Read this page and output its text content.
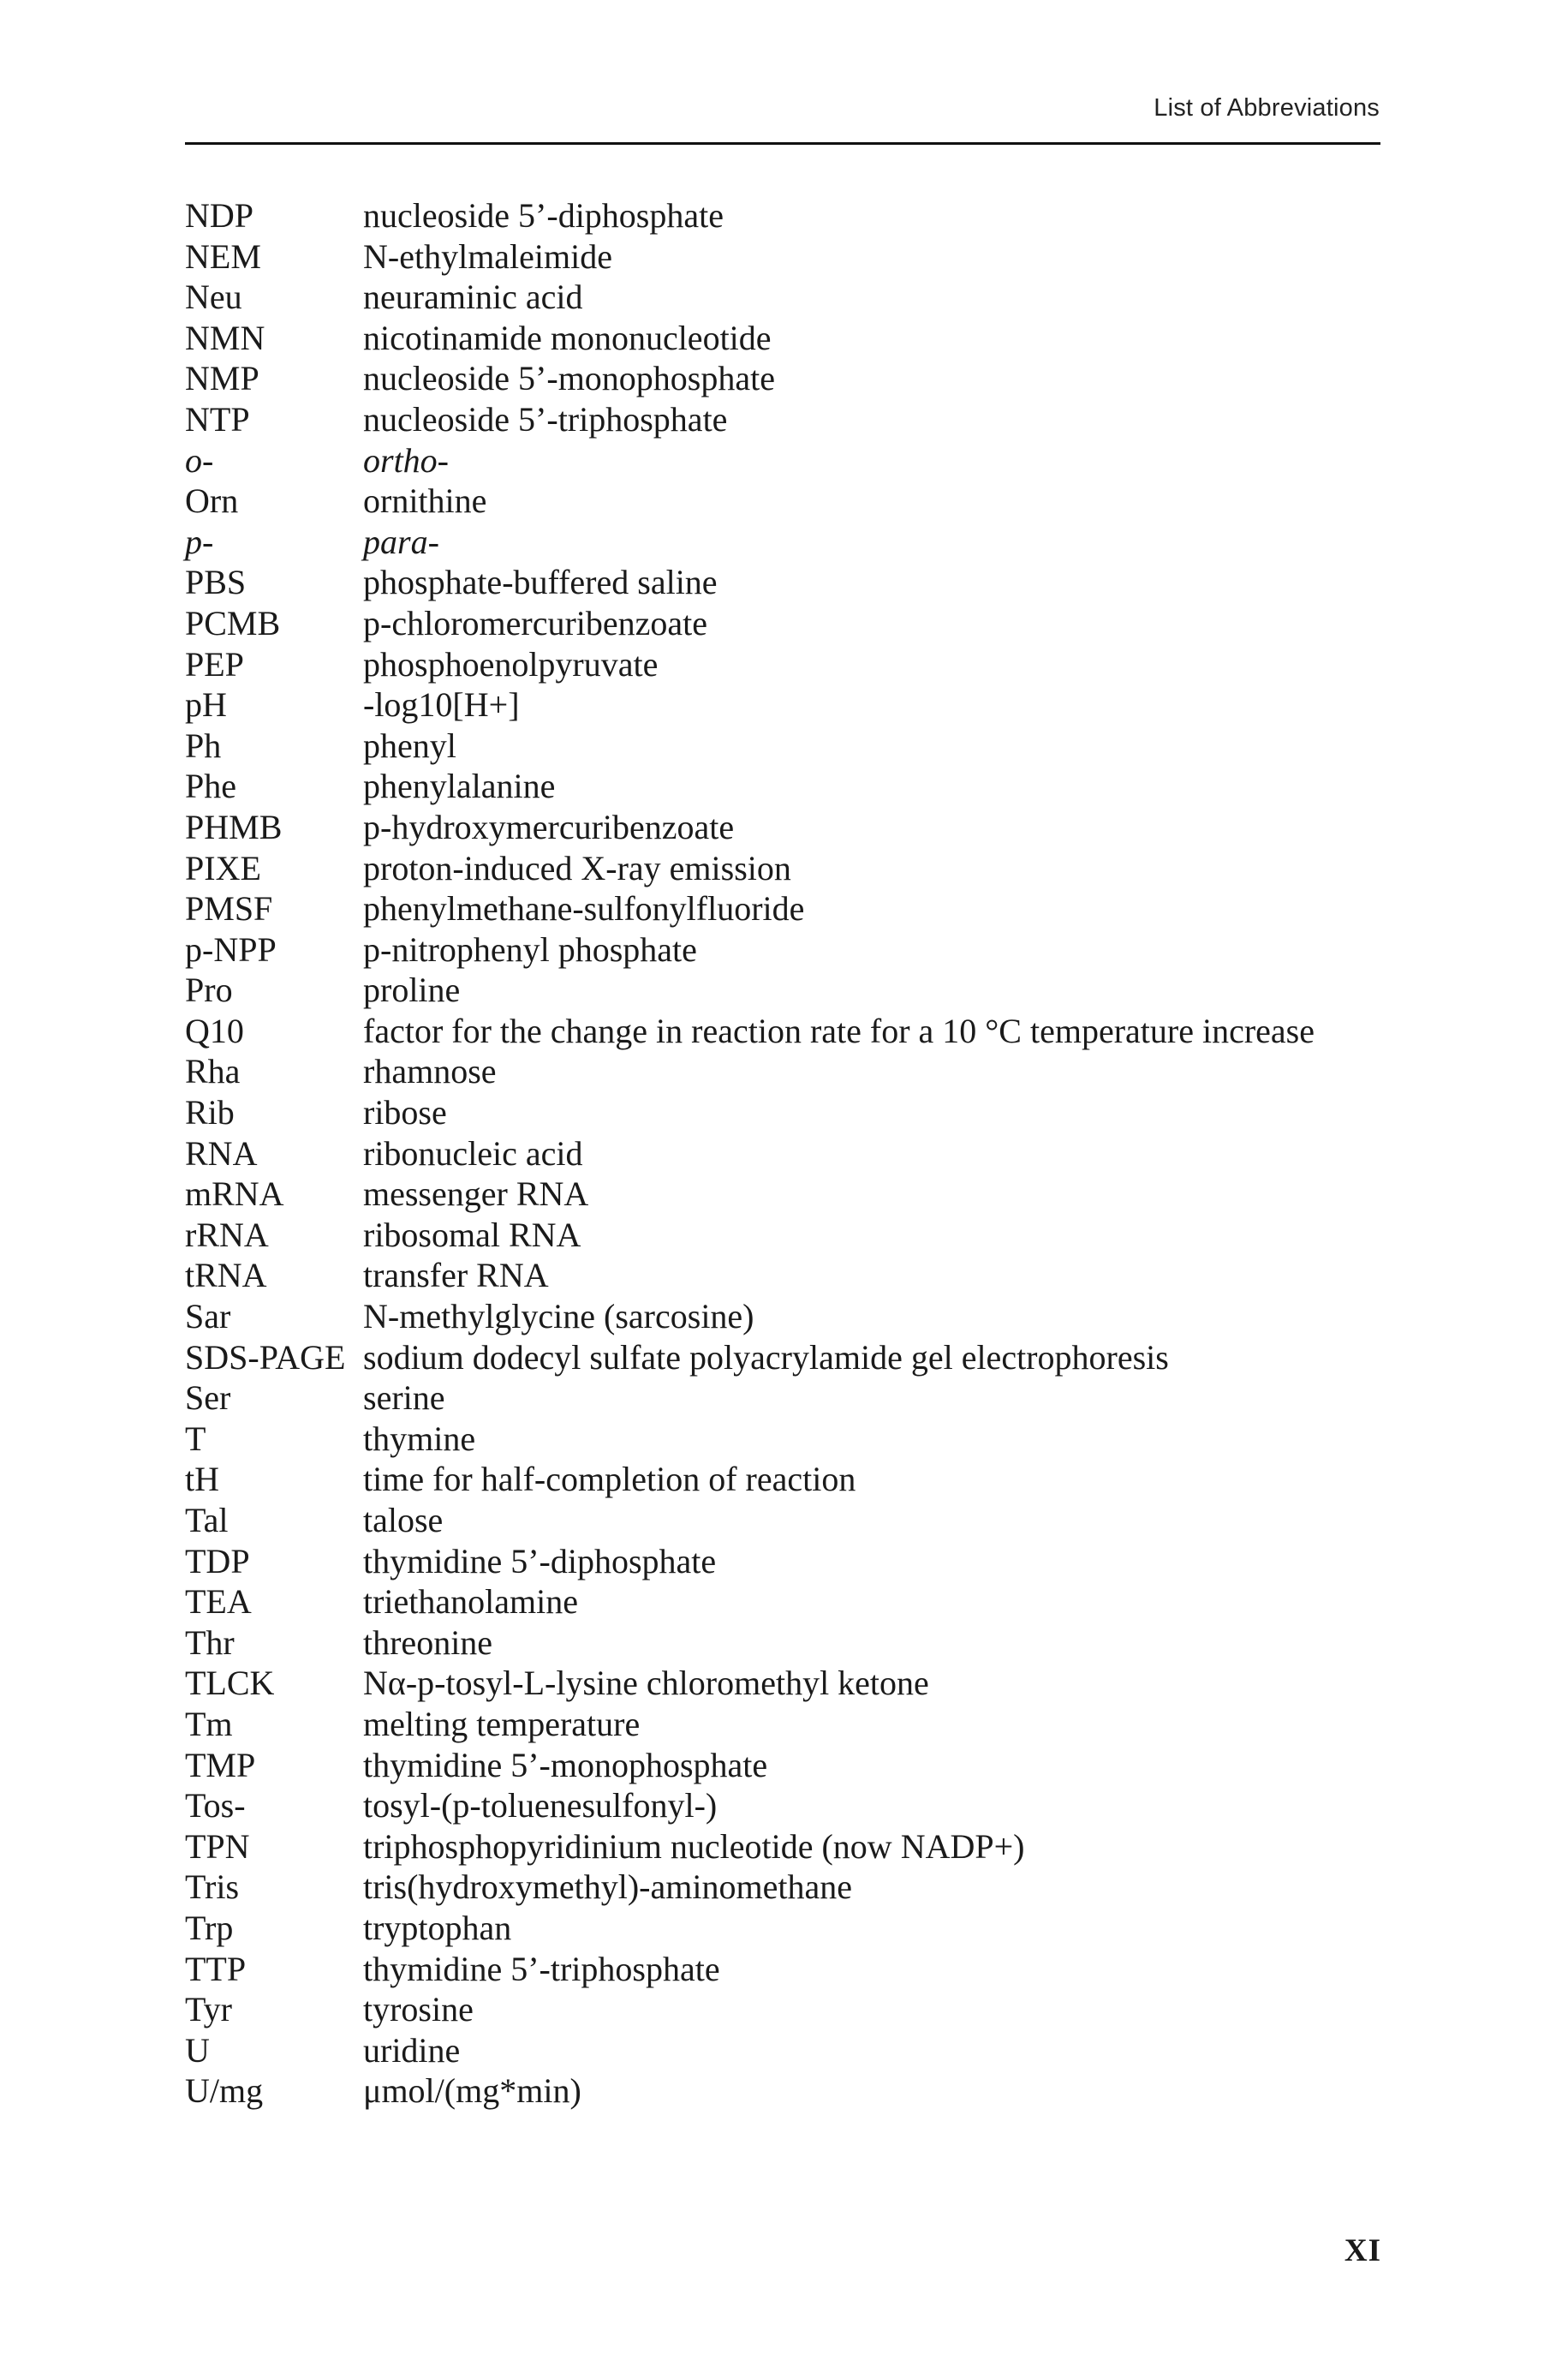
List of Abbreviations
NDP	nucleoside 5’-diphosphate
NEM	N-ethylmaleimide
Neu	neuraminic acid
NMN	nicotinamide mononucleotide
NMP	nucleoside 5’-monophosphate
NTP	nucleoside 5’-triphosphate
o-	ortho-
Orn	ornithine
p-	para-
PBS	phosphate-buffered saline
PCMB	p-chloromercuribenzoate
PEP	phosphoenolpyruvate
pH	-log10[H+]
Ph	phenyl
Phe	phenylalanine
PHMB	p-hydroxymercuribenzoate
PIXE	proton-induced X-ray emission
PMSF	phenylmethane-sulfonylfluoride
p-NPP	p-nitrophenyl phosphate
Pro	proline
Q10	factor for the change in reaction rate for a 10 °C temperature increase
Rha	rhamnose
Rib	ribose
RNA	ribonucleic acid
mRNA	messenger RNA
rRNA	ribosomal RNA
tRNA	transfer RNA
Sar	N-methylglycine (sarcosine)
SDS-PAGE sodium dodecyl sulfate polyacrylamide gel electrophoresis
Ser	serine
T	thymine
tH	time for half-completion of reaction
Tal	talose
TDP	thymidine 5’-diphosphate
TEA	triethanolamine
Thr	threonine
TLCK	Nα-p-tosyl-L-lysine chloromethyl ketone
Tm	melting temperature
TMP	thymidine 5’-monophosphate
Tos-	tosyl-(p-toluenesulfonyl-)
TPN	triphosphopyridinium nucleotide (now NADP+)
Tris	tris(hydroxymethyl)-aminomethane
Trp	tryptophan
TTP	thymidine 5’-triphosphate
Tyr	tyrosine
U	uridine
U/mg	μmol/(mg*min)
XI
